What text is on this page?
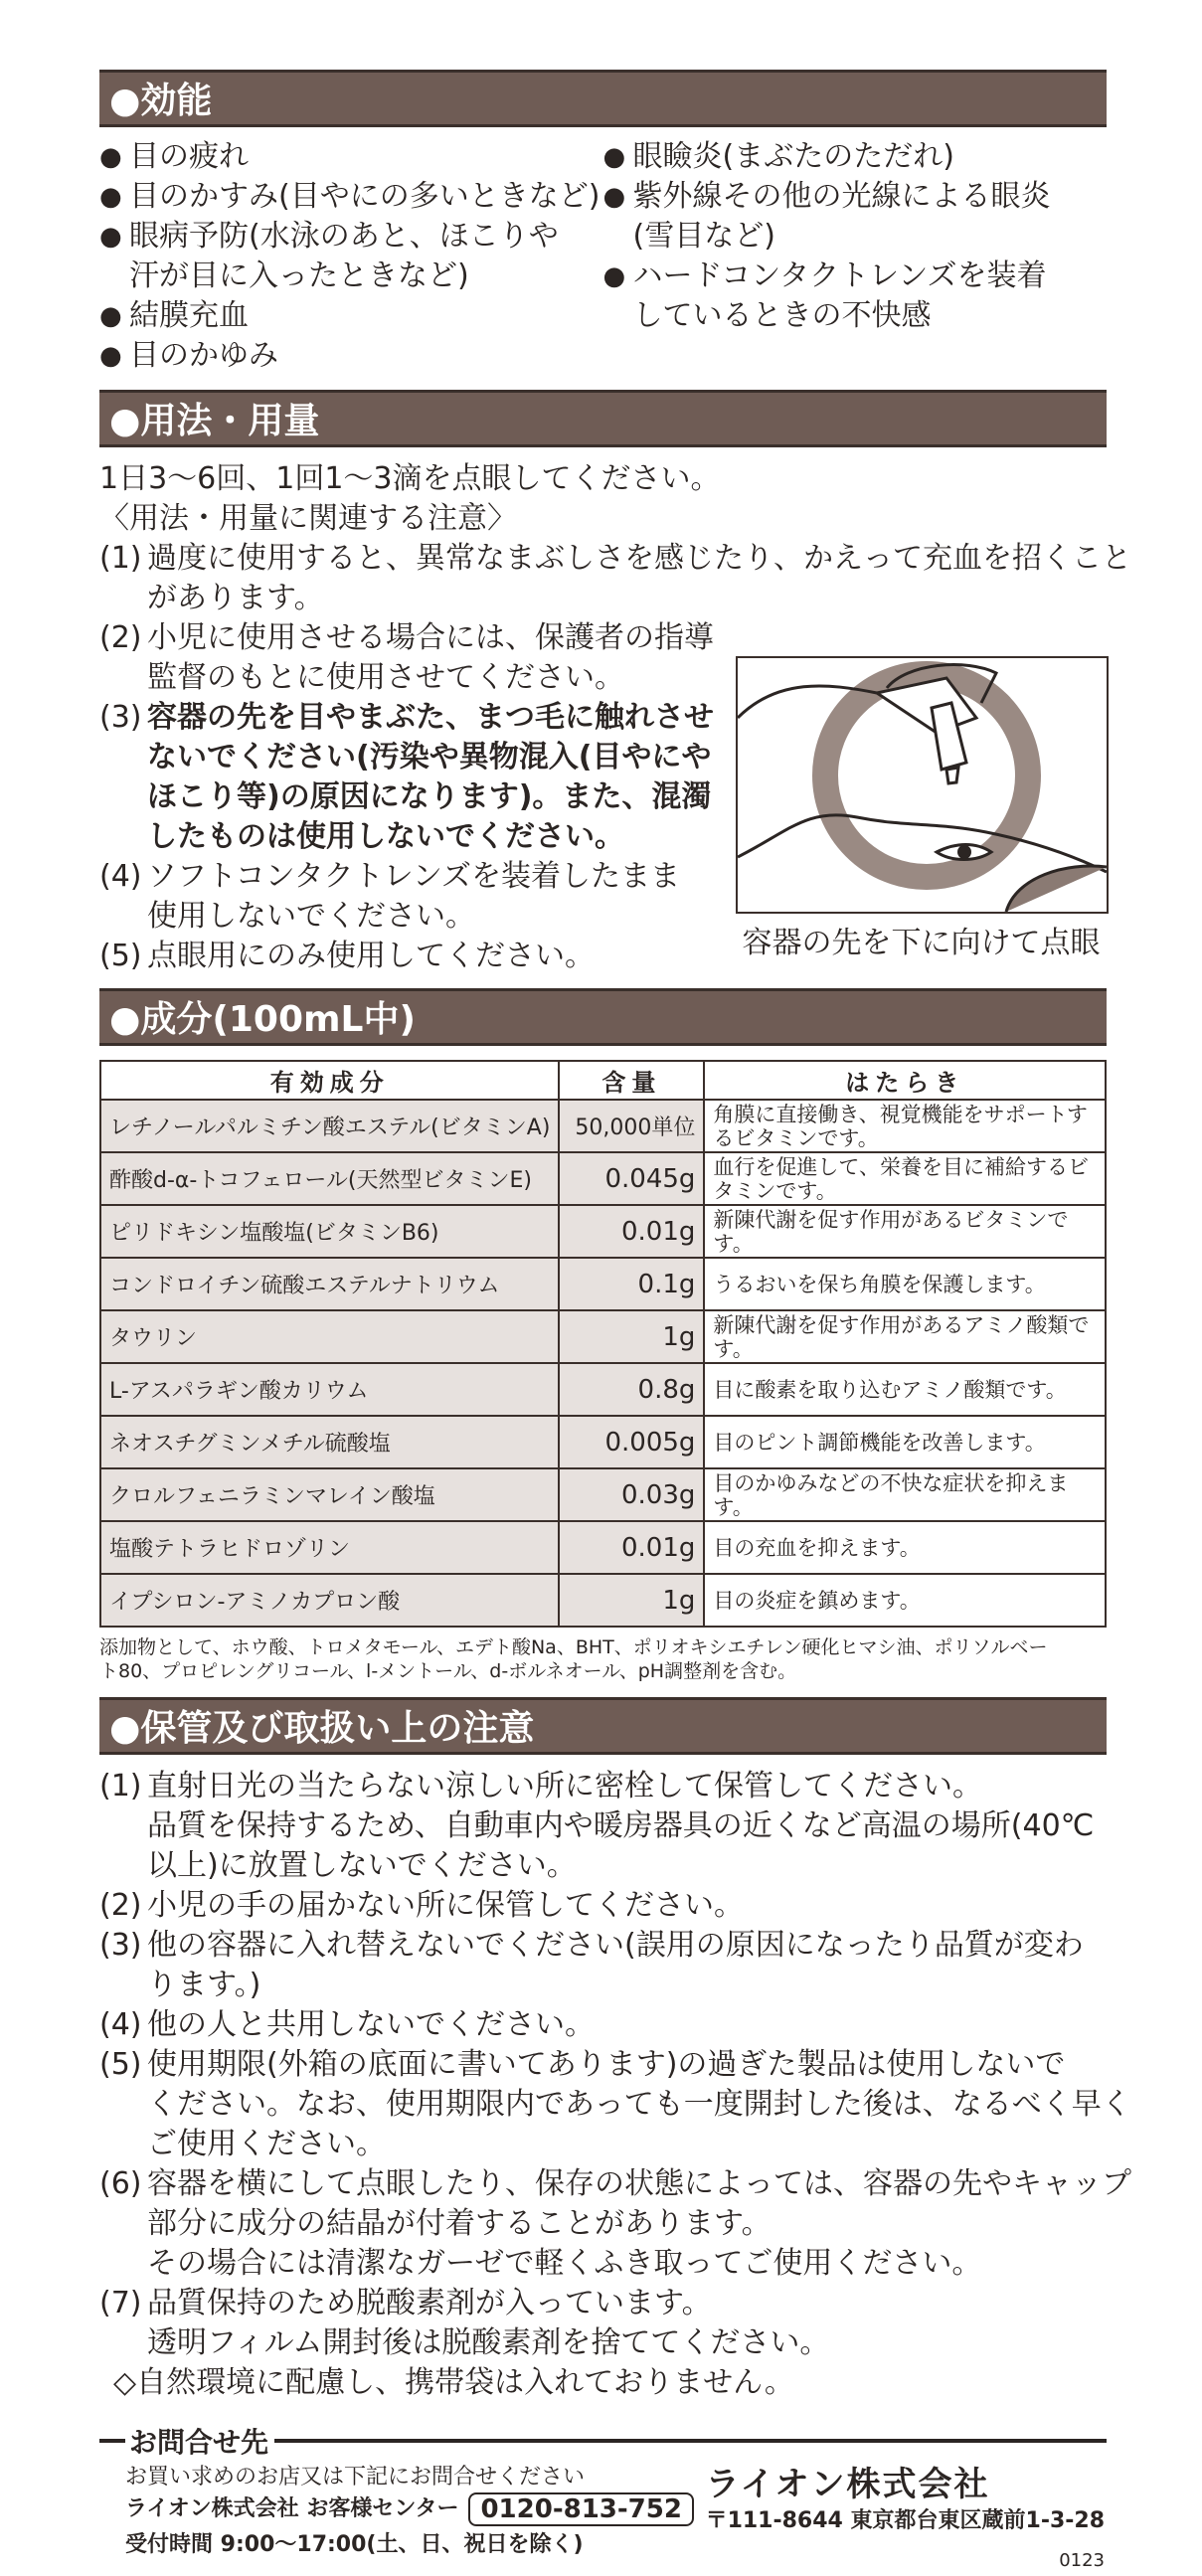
●効能
● 目の疲れ
● 目のかすみ(目やにの多いときなど)
● 眼病予防(水泳のあと、ほこりや
汗が目に入ったときなど)
● 結膜充血
● 目のかゆみ
● 眼瞼炎(まぶたのただれ)
● 紫外線その他の光線による眼炎
(雪目など)
● ハードコンタクトレンズを装着
しているときの不快感
●用法・用量
1日3〜6回、1回1〜3滴を点眼してください。
〈用法・用量に関連する注意〉
(1) 過度に使用すると、異常なまぶしさを感じたり、かえって充血を招くこと
があります。
(2) 小児に使用させる場合には、保護者の指導
監督のもとに使用させてください。
(3) 容器の先を目やまぶた、まつ毛に触れさせ
ないでください(汚染や異物混入(目やにや
ほこり等)の原因になります)。また、混濁
したものは使用しないでください。
(4) ソフトコンタクトレンズを装着したまま
使用しないでください。
(5) 点眼用にのみ使用してください。	容器の先を下に向けて点眼
●成分(100mL中)
有効成分	含量	はたらき
レチノールパルミチン酸エステル(ビタミンA)	50,000単位	角膜に直接働き、視覚機能をサポートするビタミンです。
酢酸d-α-トコフェロール(天然型ビタミンE)	0.045g	血行を促進して、栄養を目に補給するビタミンです。
ピリドキシン塩酸塩(ビタミンB6)	0.01g	新陳代謝を促す作用があるビタミンです。
コンドロイチン硫酸エステルナトリウム	0.1g	うるおいを保ち角膜を保護します。
タウリン	1g	新陳代謝を促す作用があるアミノ酸類です。
L-アスパラギン酸カリウム	0.8g	目に酸素を取り込むアミノ酸類です。
ネオスチグミンメチル硫酸塩	0.005g	目のピント調節機能を改善します。
クロルフェニラミンマレイン酸塩	0.03g	目のかゆみなどの不快な症状を抑えます。
塩酸テトラヒドロゾリン	0.01g	目の充血を抑えます。
イプシロン-アミノカプロン酸	1g	目の炎症を鎮めます。
添加物として、ホウ酸、トロメタモール、エデト酸Na、BHT、ポリオキシエチレン硬化ヒマシ油、ポリソルベー
ト80、プロピレングリコール、l-メントール、d-ボルネオール、pH調整剤を含む。
●保管及び取扱い上の注意
(1) 直射日光の当たらない涼しい所に密栓して保管してください。
品質を保持するため、自動車内や暖房器具の近くなど高温の場所(40℃
以上)に放置しないでください。
(2) 小児の手の届かない所に保管してください。
(3) 他の容器に入れ替えないでください(誤用の原因になったり品質が変わ
ります。)
(4) 他の人と共用しないでください。
(5) 使用期限(外箱の底面に書いてあります)の過ぎた製品は使用しないで
ください。なお、使用期限内であっても一度開封した後は、なるべく早く
ご使用ください。
(6) 容器を横にして点眼したり、保存の状態によっては、容器の先やキャップ
部分に成分の結晶が付着することがあります。
その場合には清潔なガーゼで軽くふき取ってご使用ください。
(7) 品質保持のため脱酸素剤が入っています。
透明フィルム開封後は脱酸素剤を捨ててください。
◇自然環境に配慮し、携帯袋は入れておりません。
お問合せ先
お買い求めのお店又は下記にお問合せください
ライオン株式会社 お客様センター 0120-813-752
受付時間 9:00〜17:00(土、日、祝日を除く)
ライオン株式会社
〒111-8644 東京都台東区蔵前1-3-28
0123
